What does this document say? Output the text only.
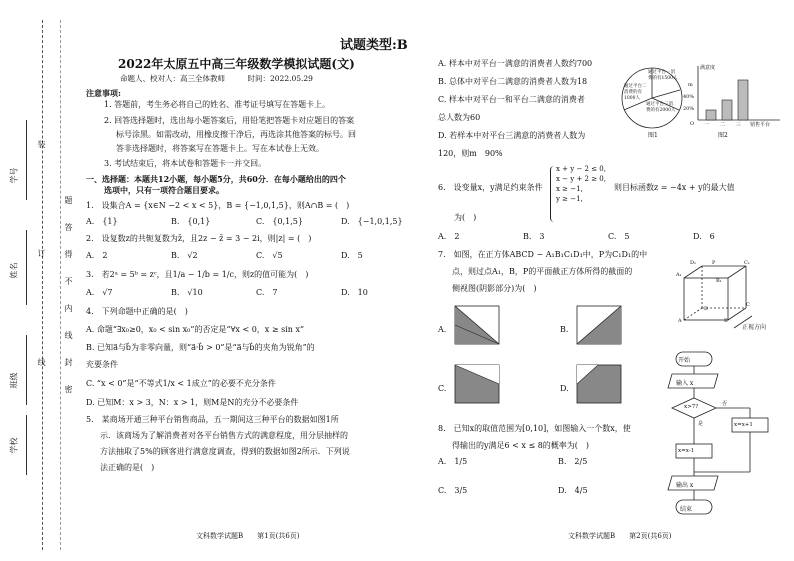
学号
姓名
班级
学校
装
订
线
题
答
得
不
内
线
封
密
试题类型:B
2022年太原五中高三年级数学模拟试题(文)
命题人、校对人：高三全体教师　　　时间：2022.05.29
注意事项:
1. 答题前，考生务必将自己的姓名、准考证号填写在答题卡上。
2. 回答选择题时，选出每小题答案后，用铅笔把答题卡对应题目的答案
标号涂黑。如需改动，用橡皮擦干净后，再选涂其他答案的标号。回
答非选择题时，将答案写在答题卡上。写在本试卷上无效。
3. 考试结束后，将本试卷和答题卡一并交回。
一、选择题：本题共12小题，每小题5分，共60分．在每小题给出的四个
选项中，只有一项符合题目要求。
1.　设集合A = {x∈N −2 < x < 5}，B = {−1,0,1,5}，则A∩B = (　)
A.　{1}	B.　{0,1}	C.　{0,1,5}	D.　{−1,0,1,5}
2.　设复数z的共轭复数为z̄，且2z − z̄ = 3 − 2i，则|z| = (　)
A.　2	B.　√2	C.　√5	D.　5
3.　若2ᵃ = 5ᵇ = zᶜ，且1/a − 1/b = 1/c，则z的值可能为(　)
A.　√7	B.　√10	C.　7	D.　10
4.　下列命题中正确的是(　)
A. 命题“∃x₀≥0，x₀ < sin x₀”的否定是“∀x < 0，x ≥ sin x”
B. 已知a⃗与b⃗为非零向量，则“a⃗·b⃗ > 0”是“a⃗与b⃗的夹角为锐角”的
充要条件
C. “x < 0”是“不等式1/x < 1成立”的必要不充分条件
D. 已知M：x > 3，N：x > 1，则M是N的充分不必要条件
5.　某商场开通三种平台销售商品，五一期间这三种平台的数据如图1所
示．该商场为了解消费者对各平台销售方式的满意程度，用分层抽样的
方法抽取了5%的顾客进行满意度调查，得到的数据如图2所示．下列说
法正确的是(　)
文科数学试题B　　第1页(共6页)
A. 样本中对平台一满意的消费者人数约700
B. 总体中对平台二满意的消费者人数为18
C. 样本中对平台一和平台二满意的消费者
总人数为60
D. 若样本中对平台三满意的消费者人数为
120，则m　90%
通过平台一消费的有1500人
通过平台二消费的有1000人
通过平台三消费的有2000人
图1
满意度
m
40%
20%
O 一 二 三 销售平台
图2
6.　设变量x，y满足约束条件
x + y − 2 ≤ 0,
x − y + 2 ≥ 0,
x ≥ −1,
y ≥ −1,
则目标函数z = −4x + y的最大值
为(　)
A.　2	B.　3	C.　5	D.　6
7.　如图，在正方体ABCD − A₁B₁C₁D₁中，P为C₁D₁的中
点，则过点A₁，B，P的平面截正方体所得的截面的
侧视图(阴影部分)为(　)
D₁	P	C₁
A₁
B₁
D
C
A	B
正视方向
A.	B.
C.	D.
8.　已知x的取值范围为[0,10]，如图输入一个数x，使
得输出的y满足6 < x ≤ 8的概率为(　)
A.　1/5	B.　2/5
C.　3/5	D.　4/5
开始
输入 x
x>7?
是
否
x=x+1
x=x-1
输出 x
结束
文科数学试题B　　第2页(共6页)
